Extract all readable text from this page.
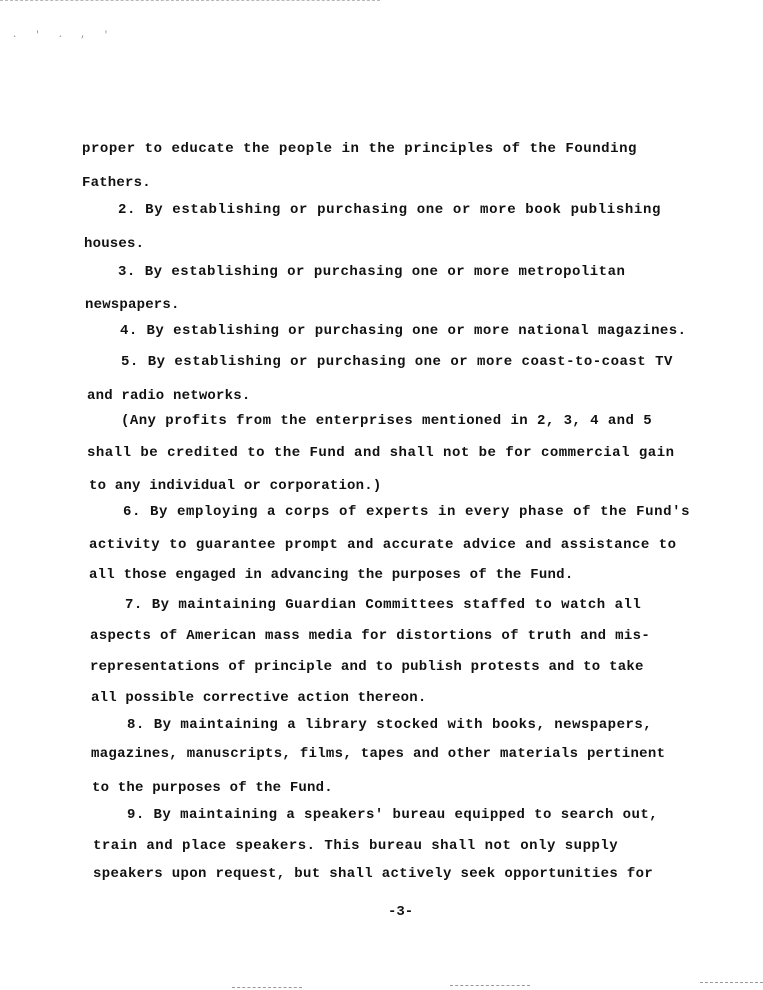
. ' . , '
proper to educate the people in the principles of the Founding
Fathers.
2. By establishing or purchasing one or more book publishing
houses.
3. By establishing or purchasing one or more metropolitan
newspapers.
4. By establishing or purchasing one or more national magazines.
5. By establishing or purchasing one or more coast-to-coast TV
and radio networks.
(Any profits from the enterprises mentioned in 2, 3, 4 and 5
shall be credited to the Fund and shall not be for commercial gain
to any individual or corporation.)
6. By employing a corps of experts in every phase of the Fund's
activity to guarantee prompt and accurate advice and assistance to
all those engaged in advancing the purposes of the Fund.
7. By maintaining Guardian Committees staffed to watch all
aspects of American mass media for distortions of truth and mis-
representations of principle and to publish protests and to take
all possible corrective action thereon.
8. By maintaining a library stocked with books, newspapers,
magazines, manuscripts, films, tapes and other materials pertinent
to the purposes of the Fund.
9. By maintaining a speakers' bureau equipped to search out,
train and place speakers. This bureau shall not only supply
speakers upon request, but shall actively seek opportunities for
-3-
